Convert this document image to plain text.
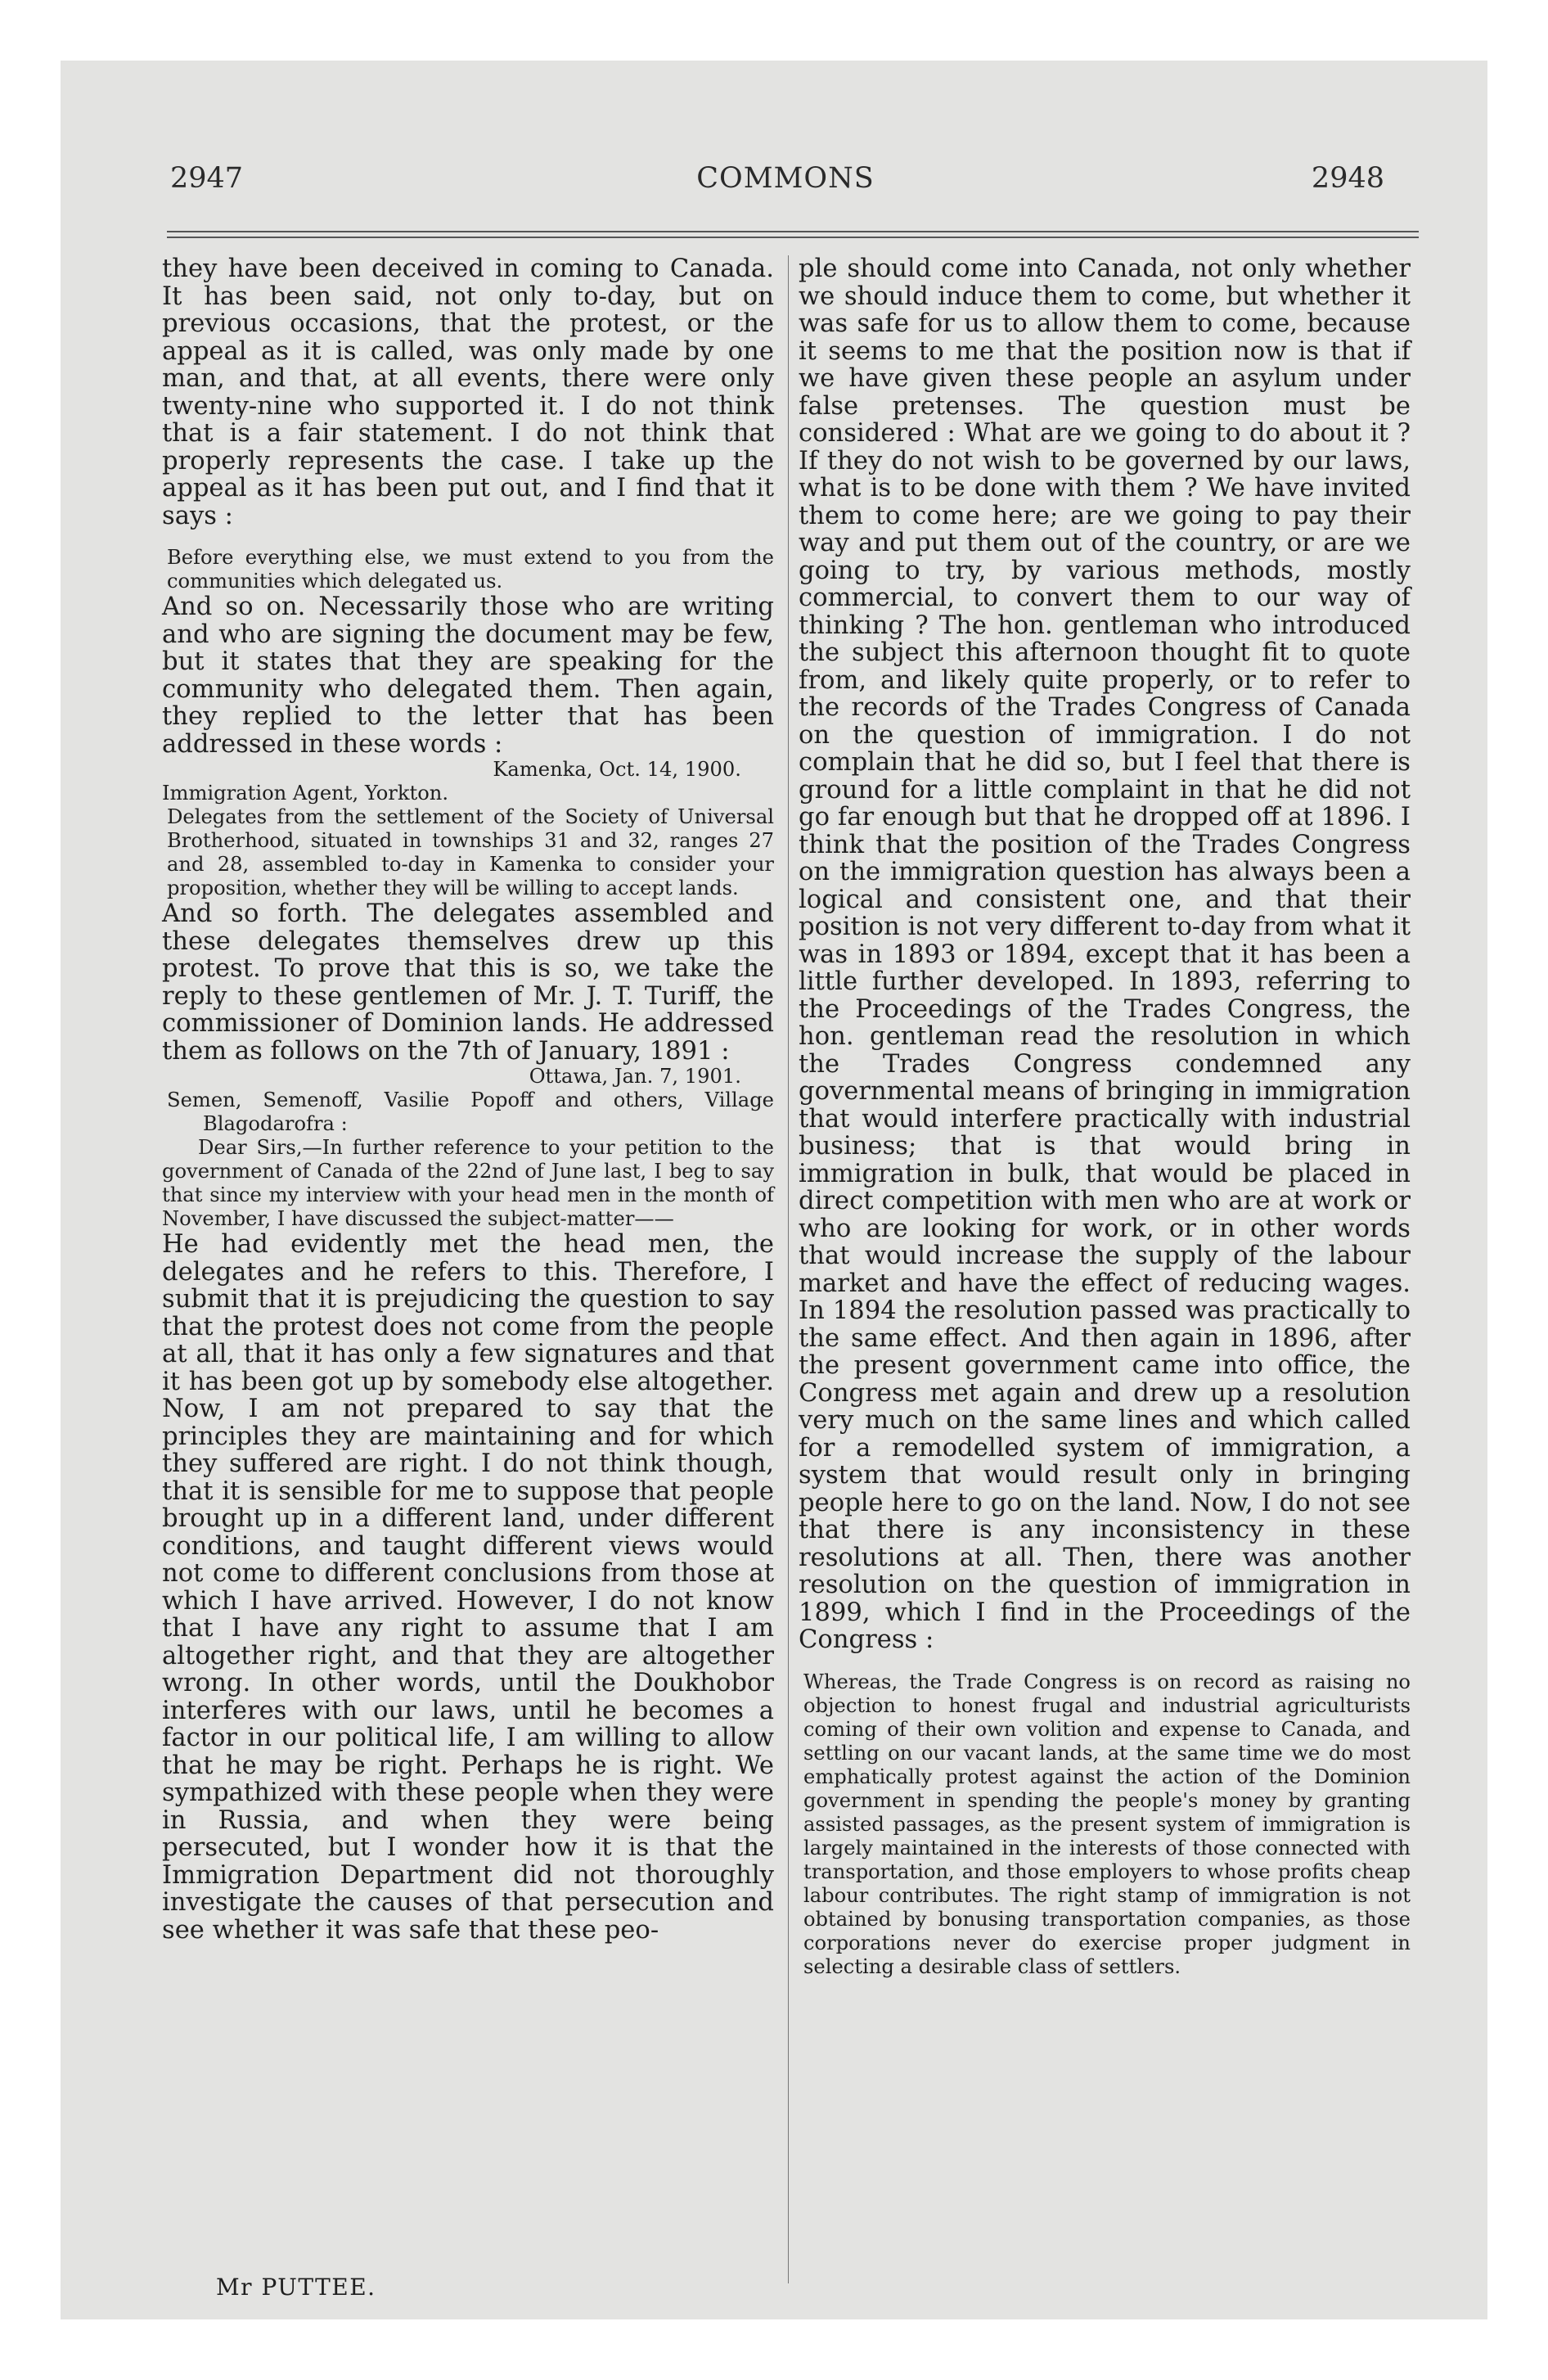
2947	COMMONS	2948

they have been deceived in coming to Canada. It has been said, not only to-day, but on previous occasions, that the protest, or the appeal as it is called, was only made by one man, and that, at all events, there were only twenty-nine who supported it. I do not think that is a fair statement. I do not think that properly represents the case. I take up the appeal as it has been put out, and I find that it says :

Before everything else, we must extend to you from the communities which delegated us.

And so on. Necessarily those who are writing and who are signing the document may be few, but it states that they are speaking for the community who delegated them. Then again, they replied to the letter that has been addressed in these words :

Kamenka, Oct. 14, 1900.

Immigration Agent, Yorkton.

Delegates from the settlement of the Society of Universal Brotherhood, situated in townships 31 and 32, ranges 27 and 28, assembled to-day in Kamenka to consider your proposition, whether they will be willing to accept lands.

And so forth. The delegates assembled and these delegates themselves drew up this protest. To prove that this is so, we take the reply to these gentlemen of Mr. J. T. Turiff, the commissioner of Dominion lands. He addressed them as follows on the 7th of January, 1891 :

Ottawa, Jan. 7, 1901.

Semen, Semenoff, Vasilie Popoff and others, Village Blagodarofra :

Dear Sirs,—In further reference to your petition to the government of Canada of the 22nd of June last, I beg to say that since my interview with your head men in the month of November, I have discussed the subject-matter——

He had evidently met the head men, the delegates and he refers to this. Therefore, I submit that it is prejudicing the question to say that the protest does not come from the people at all, that it has only a few signatures and that it has been got up by somebody else altogether. Now, I am not prepared to say that the principles they are maintaining and for which they suffered are right. I do not think though, that it is sensible for me to suppose that people brought up in a different land, under different conditions, and taught different views would not come to different conclusions from those at which I have arrived. However, I do not know that I have any right to assume that I am altogether right, and that they are altogether wrong. In other words, until the Doukhobor interferes with our laws, until he becomes a factor in our political life, I am willing to allow that he may be right. Perhaps he is right. We sympathized with these people when they were in Russia, and when they were being persecuted, but I wonder how it is that the Immigration Department did not thoroughly investigate the causes of that persecution and see whether it was safe that these peo-

ple should come into Canada, not only whether we should induce them to come, but whether it was safe for us to allow them to come, because it seems to me that the position now is that if we have given these people an asylum under false pretenses. The question must be considered : What are we going to do about it ? If they do not wish to be governed by our laws, what is to be done with them ? We have invited them to come here; are we going to pay their way and put them out of the country, or are we going to try, by various methods, mostly commercial, to convert them to our way of thinking ? The hon. gentleman who introduced the subject this afternoon thought fit to quote from, and likely quite properly, or to refer to the records of the Trades Congress of Canada on the question of immigration. I do not complain that he did so, but I feel that there is ground for a little complaint in that he did not go far enough but that he dropped off at 1896. I think that the position of the Trades Congress on the immigration question has always been a logical and consistent one, and that their position is not very different to-day from what it was in 1893 or 1894, except that it has been a little further developed. In 1893, referring to the Proceedings of the Trades Congress, the hon. gentleman read the resolution in which the Trades Congress condemned any governmental means of bringing in immigration that would interfere practically with industrial business; that is that would bring in immigration in bulk, that would be placed in direct competition with men who are at work or who are looking for work, or in other words that would increase the supply of the labour market and have the effect of reducing wages. In 1894 the resolution passed was practically to the same effect. And then again in 1896, after the present government came into office, the Congress met again and drew up a resolution very much on the same lines and which called for a remodelled system of immigration, a system that would result only in bringing people here to go on the land. Now, I do not see that there is any inconsistency in these resolutions at all. Then, there was another resolution on the question of immigration in 1899, which I find in the Proceedings of the Congress :

Whereas, the Trade Congress is on record as raising no objection to honest frugal and industrial agriculturists coming of their own volition and expense to Canada, and settling on our vacant lands, at the same time we do most emphatically protest against the action of the Dominion government in spending the people's money by granting assisted passages, as the present system of immigration is largely maintained in the interests of those connected with transportation, and those employers to whose profits cheap labour contributes. The right stamp of immigration is not obtained by bonusing transportation companies, as those corporations never do exercise proper judgment in selecting a desirable class of settlers.

Mr PUTTEE.
